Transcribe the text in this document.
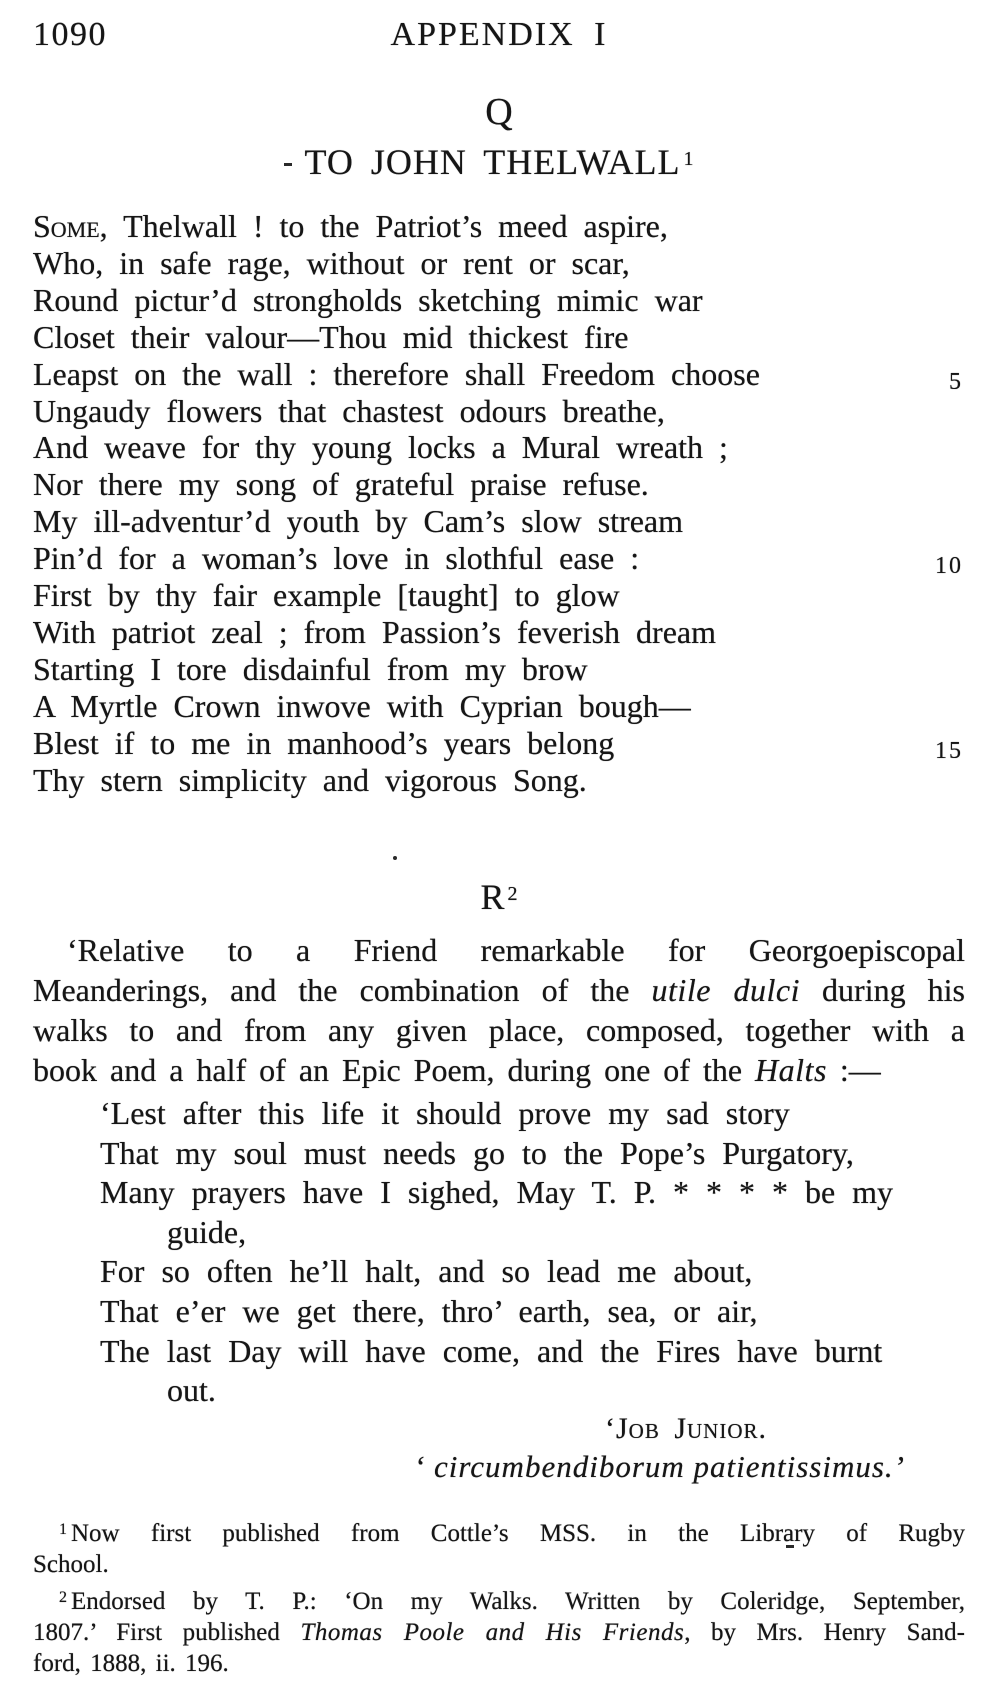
1090	APPENDIX I
Q
TO JOHN THELWALL $^1$
Some, Thelwall ! to the Patriot’s meed aspire,
Who, in safe rage, without or rent or scar,
Round pictur’d strongholds sketching mimic war
Closet their valour—Thou mid thickest fire
Leapst on the wall : therefore shall Freedom choose	5
Ungaudy flowers that chastest odours breathe,
And weave for thy young locks a Mural wreath ;
Nor there my song of grateful praise refuse.
My ill-adventur’d youth by Cam’s slow stream
Pin’d for a woman’s love in slothful ease :	10
First by thy fair example [taught] to glow
With patriot zeal ; from Passion’s feverish dream
Starting I tore disdainful from my brow
A Myrtle Crown inwove with Cyprian bough—
Blest if to me in manhood’s years belong	15
Thy stern simplicity and vigorous Song.
R $^2$
‘Relative to a Friend remarkable for Georgoepiscopal
Meanderings, and the combination of the utile dulci during his
walks to and from any given place, composed, together with a
book and a half of an Epic Poem, during one of the Halts :—
‘Lest after this life it should prove my sad story
That my soul must needs go to the Pope’s Purgatory,
Many prayers have I sighed, May T. P. * * * * be my
guide,
For so often he’ll halt, and so lead me about,
That e’er we get there, thro’ earth, sea, or air,
The last Day will have come, and the Fires have burnt
out.
‘Job Junior.
‘ circumbendiborum patientissimus.’
$^1$ Now first published from Cottle’s MSS. in the Library of Rugby
School.
$^2$ Endorsed by T. P.: ‘On my Walks. Written by Coleridge, September,
1807.’ First published Thomas Poole and His Friends, by Mrs. Henry Sand-
ford, 1888, ii. 196.
